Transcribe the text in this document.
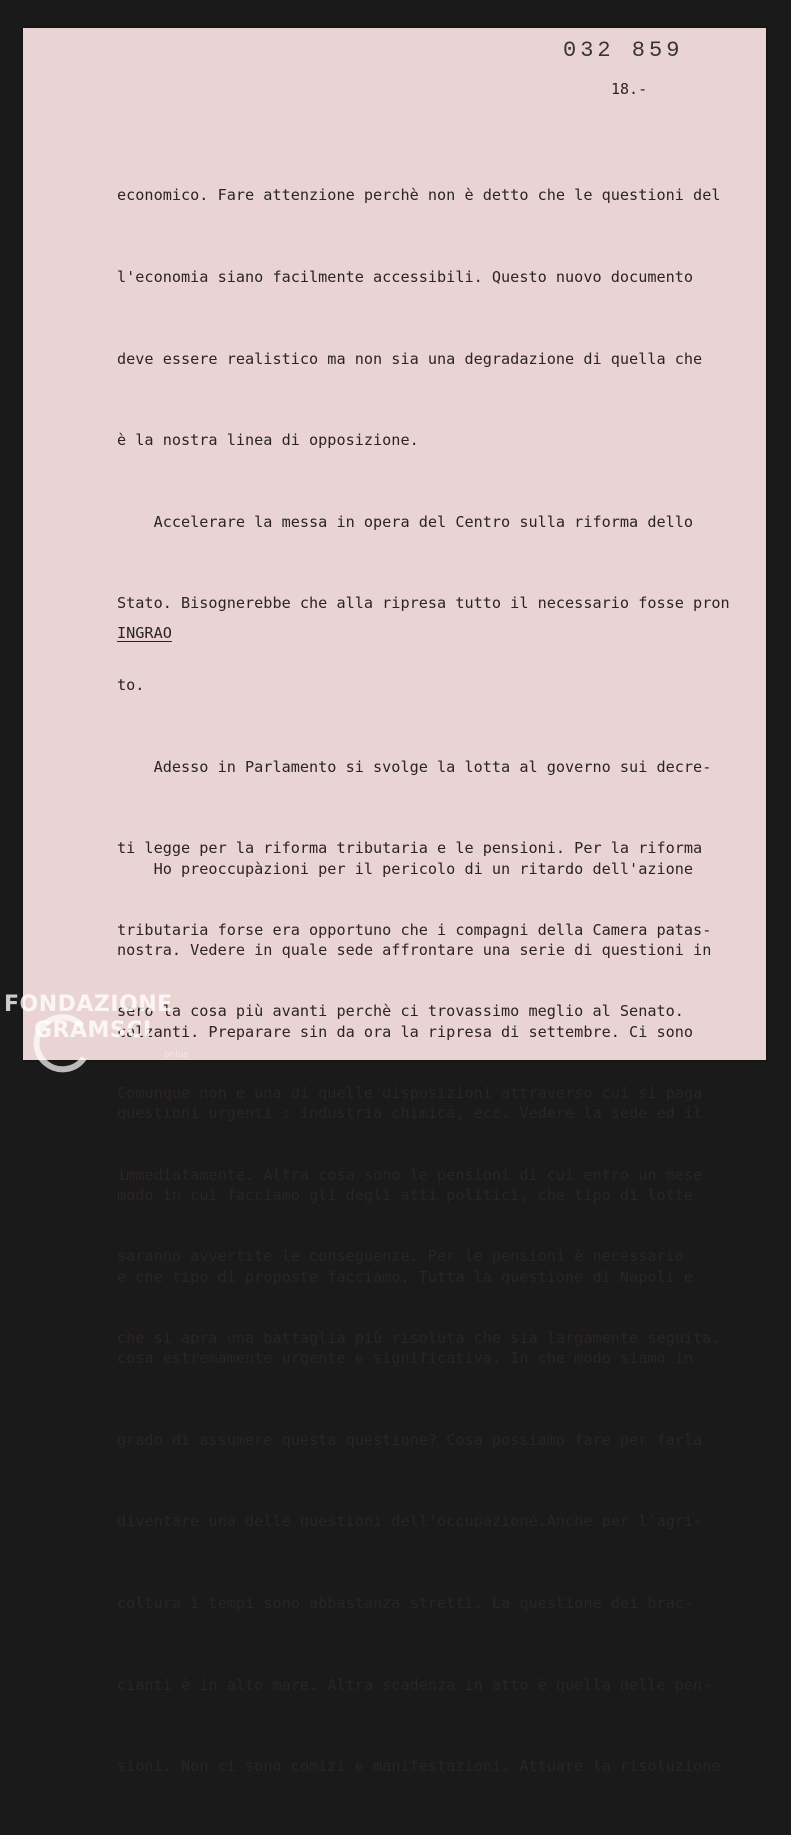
032 859
18.-

economico. Fare attenzione perchè non è detto che le questioni del

l'economia siano facilmente accessibili. Questo nuovo documento

deve essere realistico ma non sia una degradazione di quella che

è la nostra linea di opposizione.

Accelerare la messa in opera del Centro sulla riforma dello

Stato. Bisognerebbe che alla ripresa tutto il necessario fosse pron

to.

Adesso in Parlamento si svolge la lotta al governo sui decre-

ti legge per la riforma tributaria e le pensioni. Per la riforma

tributaria forse era opportuno che i compagni della Camera patas-

sero la cosa più avanti perchè ci trovassimo meglio al Senato.

Comunque non è una di quelle disposizioni attraverso cui si paga

immediatamente. Altra cosa sono le pensioni di cui entro un mese

saranno avvertite le conseguenze. Per le pensioni è necessario

che si apra una battaglia più risoluta che sia largamente seguita.

INGRAO

Ho preoccupàzioni per il pericolo di un ritardo dell'azione

nostra. Vedere in quale sede affrontare una serie di questioni in

calzanti. Preparare sin da ora la ripresa di settembre. Ci sono

questioni urgenti : industria chimica, ecc. Vedere la sede ed il

modo in cui facciamo gli degli atti politici, che tipo di lotte

e che tipo di proposte facciamo. Tutta la questione di Napoli è

cosa estremamente urgente e significativa. In che modo siamo in

grado di assumere questa questione? Cosa possiamo fare per farla

diventare una delle questioni dell'occupazioné.Anche per l'agri-

coltura i tempi sono abbastanza stretti. La questione dei brac-

cianti è in alto mare. Altra scadenza in atto è quella delle pen-

sioni. Non ci sono comizi e manifestazioni. Attuare la risoluzione

FONDAZIONE
GRAMSCI
onlus
